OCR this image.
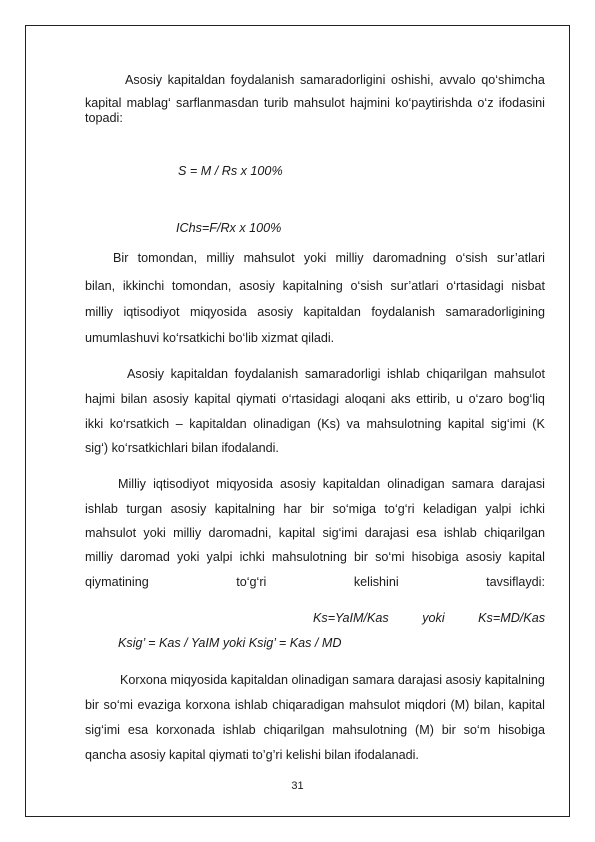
Asosiy kapitaldan foydalanish samaradorligini oshishi, avvalo qo‘shimcha
kapital mablag‘ sarflanmasdan turib mahsulot hajmini ko‘paytirishda o‘z ifodasini
topadi:
S = M / Rs x 100%
IChs=F/Rx x 100%
Bir tomondan, milliy mahsulot yoki milliy daromadning o‘sish sur’atlari
bilan, ikkinchi tomondan, asosiy kapitalning o‘sish sur’atlari o‘rtasidagi nisbat
milliy iqtisodiyot miqyosida asosiy kapitaldan foydalanish samaradorligining
umumlashuvi ko‘rsatkichi bo‘lib xizmat qiladi.
Asosiy kapitaldan foydalanish samaradorligi ishlab chiqarilgan mahsulot
hajmi bilan asosiy kapital qiymati o‘rtasidagi aloqani aks ettirib, u o‘zaro bog‘liq
ikki ko‘rsatkich – kapitaldan olinadigan (Ks) va mahsulotning kapital sig‘imi (K
sig‘) ko‘rsatkichlari bilan ifodalandi.
Milliy iqtisodiyot miqyosida asosiy kapitaldan olinadigan samara darajasi
ishlab turgan asosiy kapitalning har bir so‘miga to‘g‘ri keladigan yalpi ichki
mahsulot yoki milliy daromadni, kapital sig‘imi darajasi esa ishlab chiqarilgan
milliy daromad yoki yalpi ichki mahsulotning bir so‘mi hisobiga asosiy kapital
qiymatining	to‘g‘ri	kelishini	tavsiflaydi:
Ks=YaIM/Kas	yoki	Ks=MD/Kas
Ksig’ = Kas / YaIM yoki Ksig’ = Kas / MD
Korxona miqyosida kapitaldan olinadigan samara darajasi asosiy kapitalning
bir so‘mi evaziga korxona ishlab chiqaradigan mahsulot miqdori (M) bilan, kapital
sig‘imi esa korxonada ishlab chiqarilgan mahsulotning (M) bir so‘m hisobiga
qancha asosiy kapital qiymati to’g’ri kelishi bilan ifodalanadi.
31
